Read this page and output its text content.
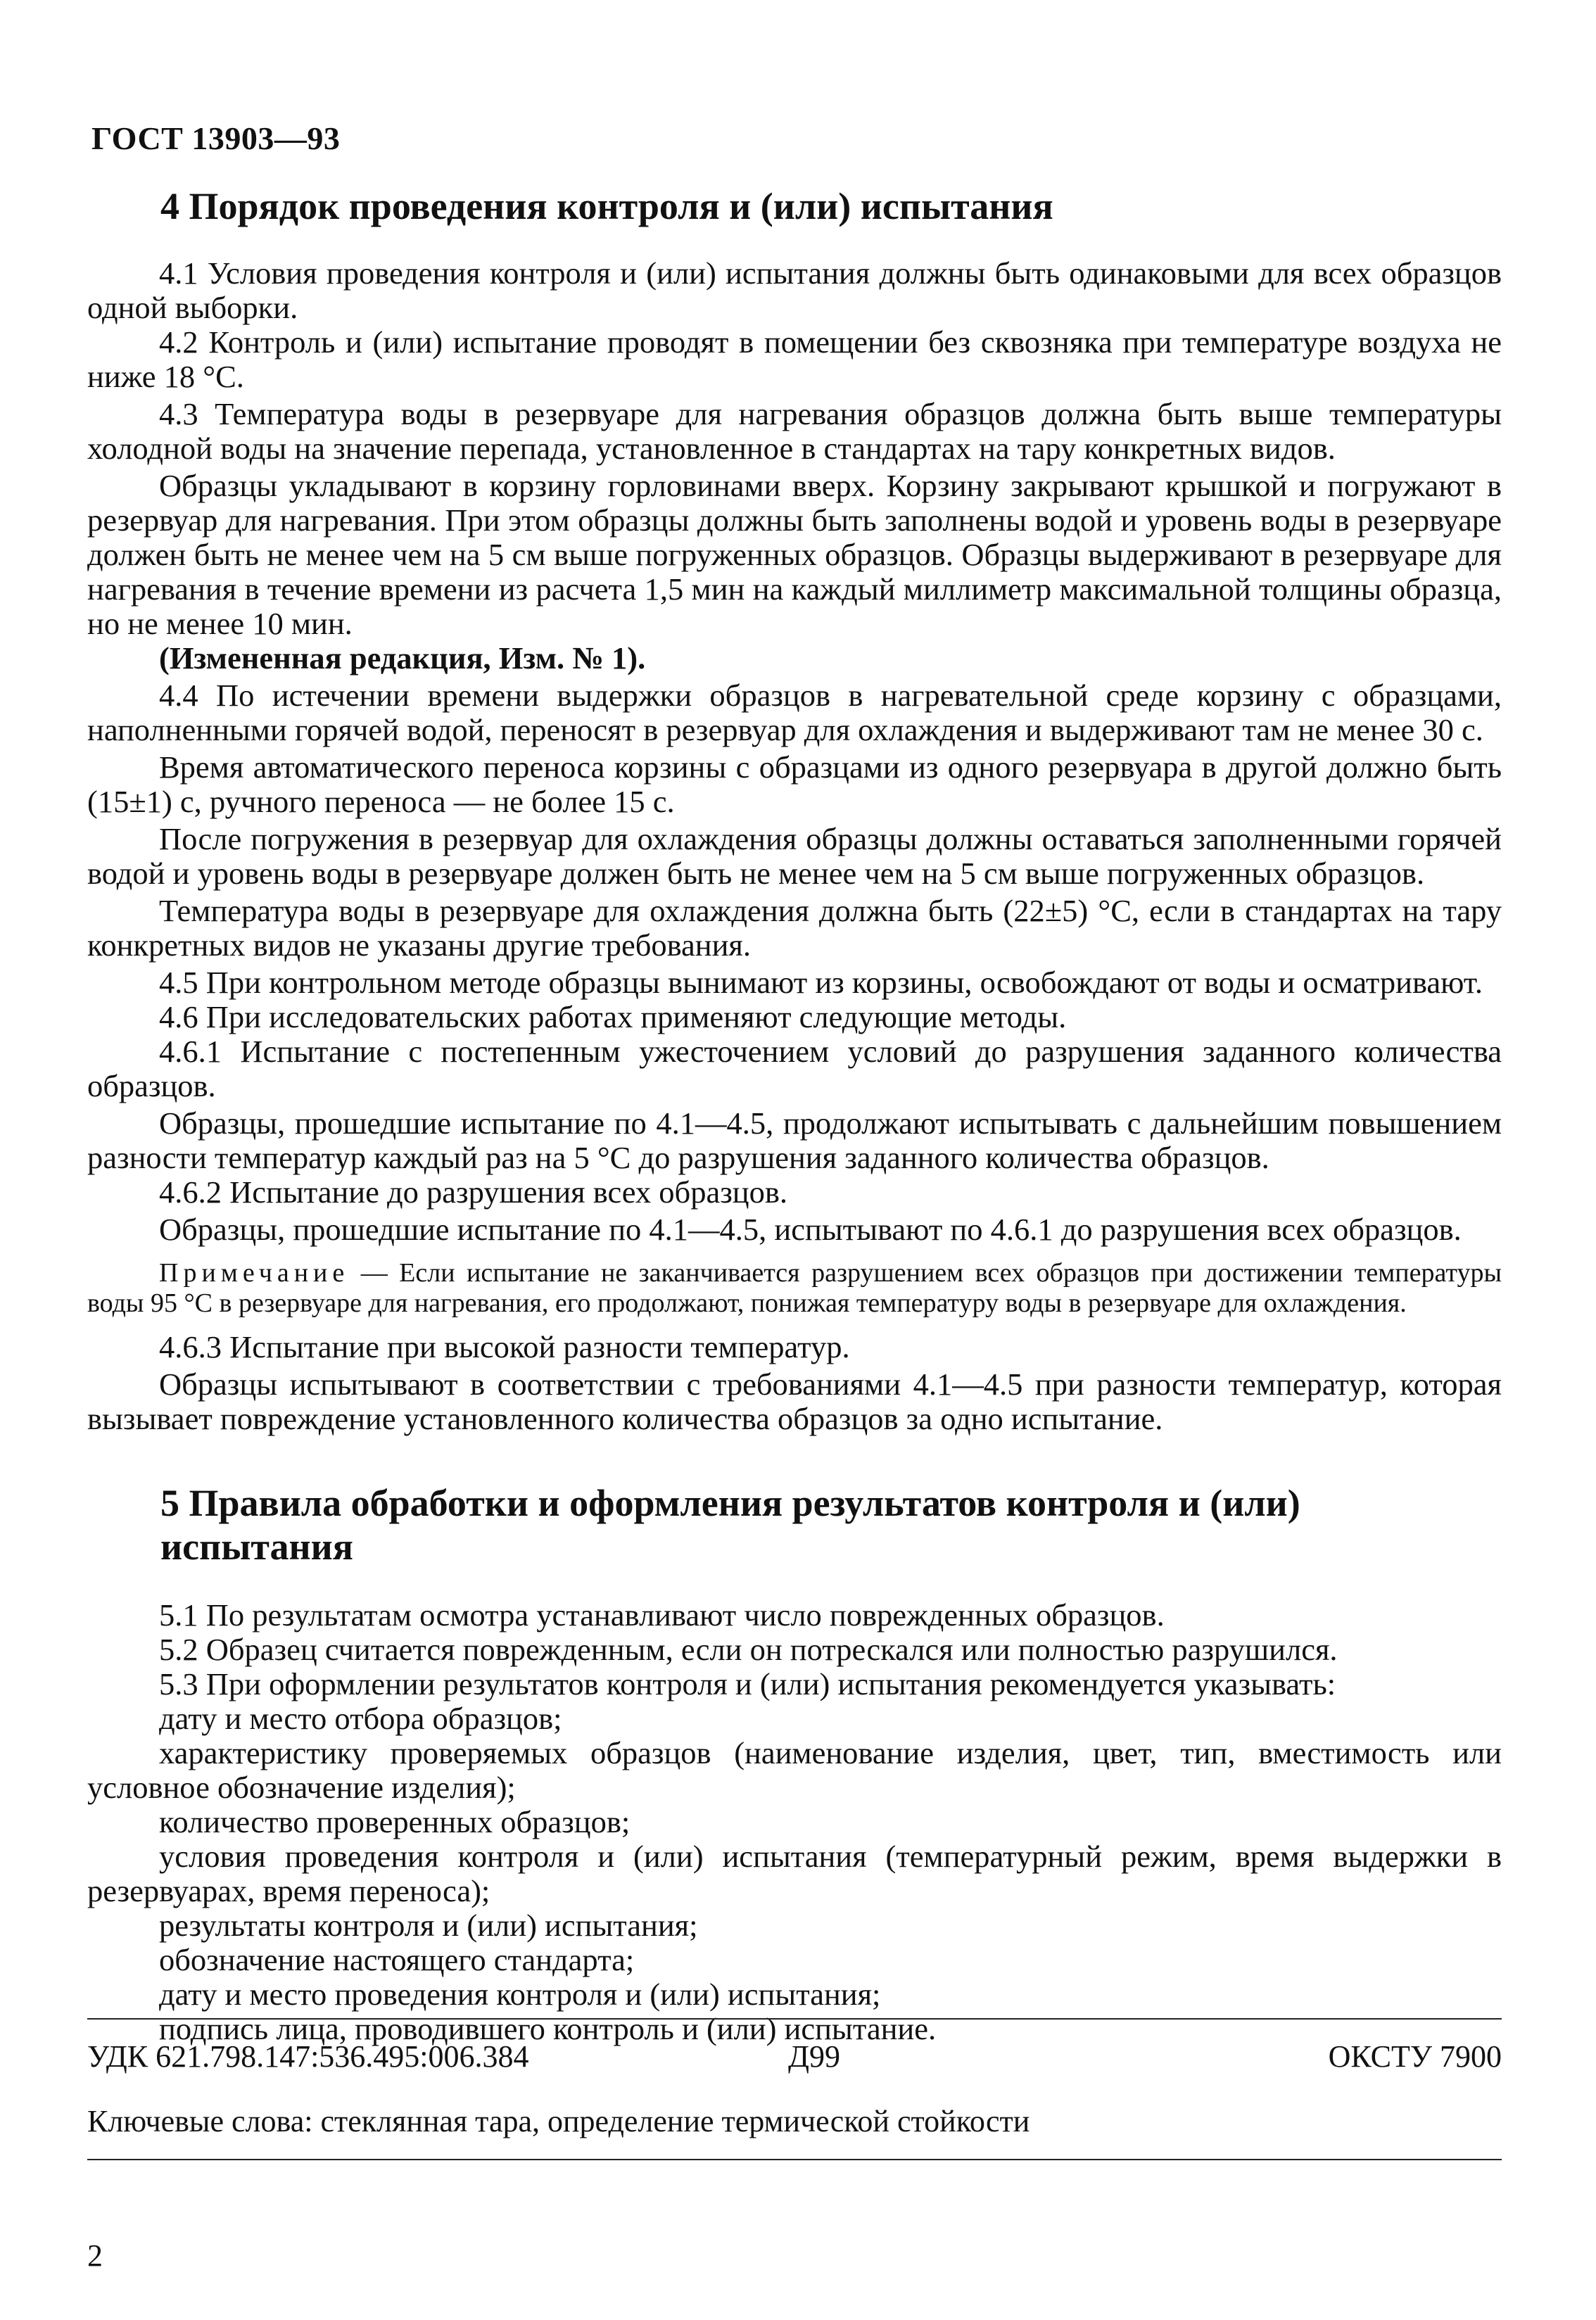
ГОСТ 13903—93
4 Порядок проведения контроля и (или) испытания

4.1 Условия проведения контроля и (или) испытания должны быть одинаковыми для всех образцов одной выборки.

4.2 Контроль и (или) испытание проводят в помещении без сквозняка при температуре воздуха не ниже 18 °С.

4.3 Температура воды в резервуаре для нагревания образцов должна быть выше температуры холодной воды на значение перепада, установленное в стандартах на тару конкретных видов.

Образцы укладывают в корзину горловинами вверх. Корзину закрывают крышкой и погружают в резервуар для нагревания. При этом образцы должны быть заполнены водой и уровень воды в резервуаре должен быть не менее чем на 5 см выше погруженных образцов. Образцы выдерживают в резервуаре для нагревания в течение времени из расчета 1,5 мин на каждый миллиметр максимальной толщины образца, но не менее 10 мин.

(Измененная редакция, Изм. № 1).

4.4 По истечении времени выдержки образцов в нагревательной среде корзину с образцами, наполненными горячей водой, переносят в резервуар для охлаждения и выдерживают там не менее 30 с.

Время автоматического переноса корзины с образцами из одного резервуара в другой должно быть (15±1) с, ручного переноса — не более 15 с.

После погружения в резервуар для охлаждения образцы должны оставаться заполненными горячей водой и уровень воды в резервуаре должен быть не менее чем на 5 см выше погруженных образцов.

Температура воды в резервуаре для охлаждения должна быть (22±5) °С, если в стандартах на тару конкретных видов не указаны другие требования.

4.5 При контрольном методе образцы вынимают из корзины, освобождают от воды и осматривают.

4.6 При исследовательских работах применяют следующие методы.

4.6.1 Испытание с постепенным ужесточением условий до разрушения заданного количества образцов.

Образцы, прошедшие испытание по 4.1—4.5, продолжают испытывать с дальнейшим повышением разности температур каждый раз на 5 °С до разрушения заданного количества образцов.

4.6.2 Испытание до разрушения всех образцов.

Образцы, прошедшие испытание по 4.1—4.5, испытывают по 4.6.1 до разрушения всех образцов.

Примечание — Если испытание не заканчивается разрушением всех образцов при достижении температуры воды 95 °С в резервуаре для нагревания, его продолжают, понижая температуру воды в резервуаре для охлаждения.

4.6.3 Испытание при высокой разности температур.

Образцы испытывают в соответствии с требованиями 4.1—4.5 при разности температур, которая вызывает повреждение установленного количества образцов за одно испытание.

5 Правила обработки и оформления результатов контроля и (или) испытания

5.1 По результатам осмотра устанавливают число поврежденных образцов.

5.2 Образец считается поврежденным, если он потрескался или полностью разрушился.

5.3 При оформлении результатов контроля и (или) испытания рекомендуется указывать:

дату и место отбора образцов;

характеристику проверяемых образцов (наименование изделия, цвет, тип, вместимость или условное обозначение изделия);

количество проверенных образцов;

условия проведения контроля и (или) испытания (температурный режим, время выдержки в резервуарах, время переноса);

результаты контроля и (или) испытания;

обозначение настоящего стандарта;

дату и место проведения контроля и (или) испытания;

подпись лица, проводившего контроль и (или) испытание.

УДК 621.798.147:536.495:006.384	Д99	ОКСТУ 7900
Ключевые слова: стеклянная тара, определение термической стойкости
2
